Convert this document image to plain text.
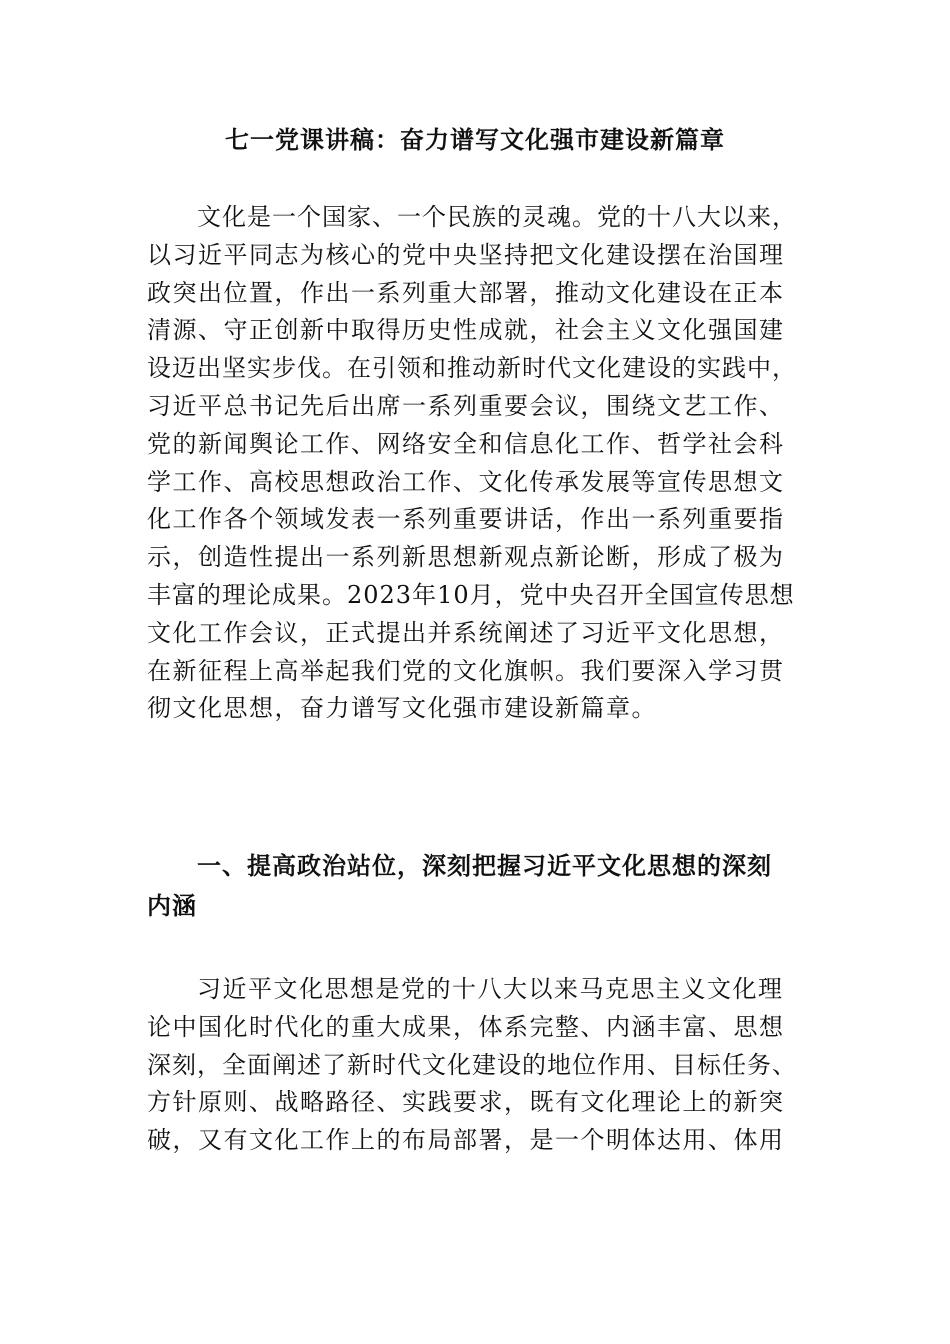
七一党课讲稿：奋力谱写文化强市建设新篇章
文化是一个国家、一个民族的灵魂。党的十八大以来，
以习近平同志为核心的党中央坚持把文化建设摆在治国理
政突出位置，作出一系列重大部署，推动文化建设在正本
清源、守正创新中取得历史性成就，社会主义文化强国建
设迈出坚实步伐。在引领和推动新时代文化建设的实践中，
习近平总书记先后出席一系列重要会议，围绕文艺工作、
党的新闻舆论工作、网络安全和信息化工作、哲学社会科
学工作、高校思想政治工作、文化传承发展等宣传思想文
化工作各个领域发表一系列重要讲话，作出一系列重要指
示，创造性提出一系列新思想新观点新论断，形成了极为
丰富的理论成果。2023年10月，党中央召开全国宣传思想
文化工作会议，正式提出并系统阐述了习近平文化思想，
在新征程上高举起我们党的文化旗帜。我们要深入学习贯
彻文化思想，奋力谱写文化强市建设新篇章。
一、提高政治站位，深刻把握习近平文化思想的深刻
内涵
习近平文化思想是党的十八大以来马克思主义文化理
论中国化时代化的重大成果，体系完整、内涵丰富、思想
深刻，全面阐述了新时代文化建设的地位作用、目标任务、
方针原则、战略路径、实践要求，既有文化理论上的新突
破，又有文化工作上的布局部署，是一个明体达用、体用
